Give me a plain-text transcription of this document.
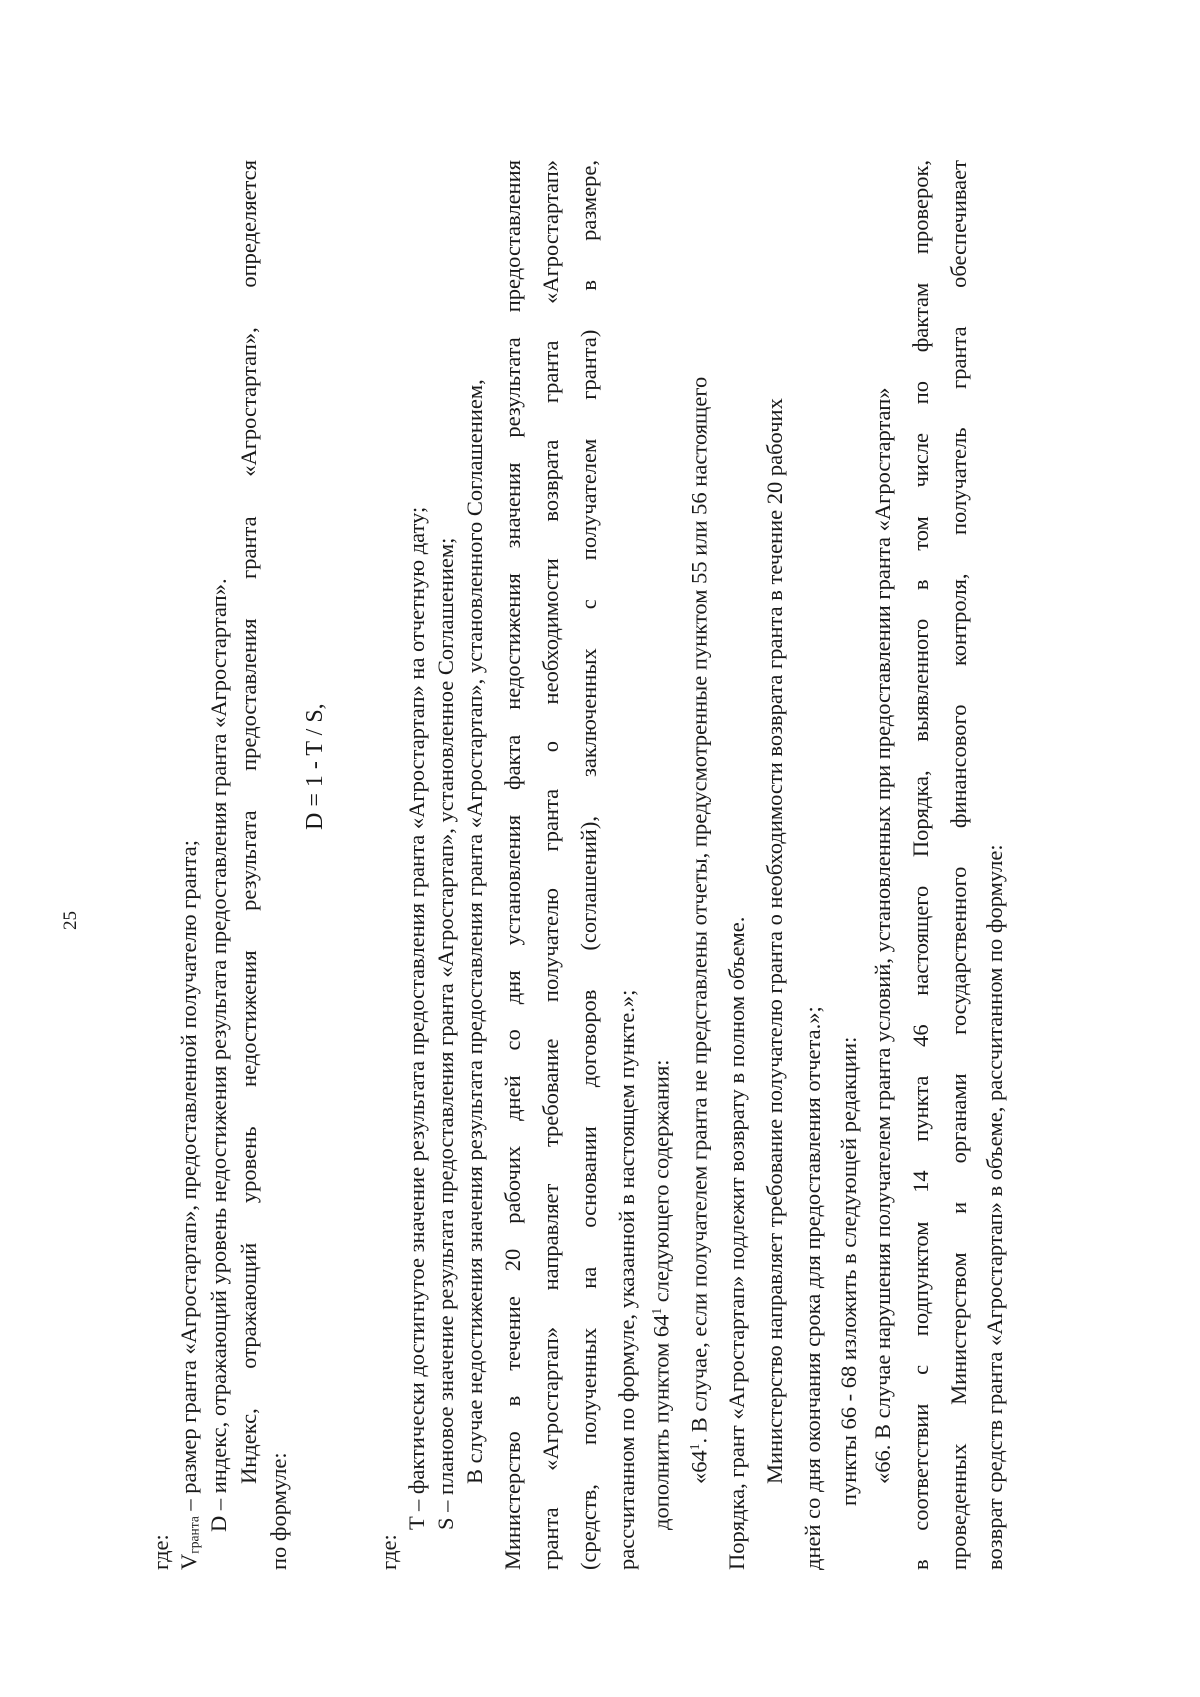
25
где: $V_{гранта}$ – размер гранта «Агростартап», предоставленной получателю гранта; D – индекс, отражающий уровень недостижения результата предоставления гранта «Агростартап». Индекс, отражающий уровень недостижения результата предоставления гранта «Агростартап», определяется
по формуле:
D = 1 - T / S,
где:
T – фактически достигнутое значение результата предоставления гранта «Агростартап» на отчетную дату; S – плановое значение результата предоставления гранта «Агростартап», установленное Соглашением; В случае недостижения значения результата предоставления гранта «Агростартап», установленного Соглашением, Министерство в течение 20 рабочих дней со дня установления факта недостижения значения результата предоставления гранта «Агростартап» направляет требование получателю гранта о необходимости возврата гранта «Агростартап» (средств, полученных на основании договоров (соглашений), заключенных с получателем гранта) в размере, рассчитанном по формуле, указанной в настоящем пункте.»; дополнить пунктом $64^1$ следующего содержания:
«$64^1$. В случае, если получателем гранта не представлены отчеты, предусмотренные пунктом 55 или 56 настоящего Порядка, грант «Агростартап» подлежит возврату в полном объеме. Министерство направляет требование получателю гранта о необходимости возврата гранта в течение 20 рабочих дней со дня окончания срока для предоставления отчета.»; пункты 66 - 68 изложить в следующей редакции: «66. В случае нарушения получателем гранта условий, установленных при предоставлении гранта «Агростартап» в соответствии с подпунктом 14 пункта 46 настоящего Порядка, выявленного в том числе по фактам проверок, проведенных Министерством и органами государственного финансового контроля, получатель гранта обеспечивает возврат средств гранта «Агростартап» в объеме, рассчитанном по формуле:
